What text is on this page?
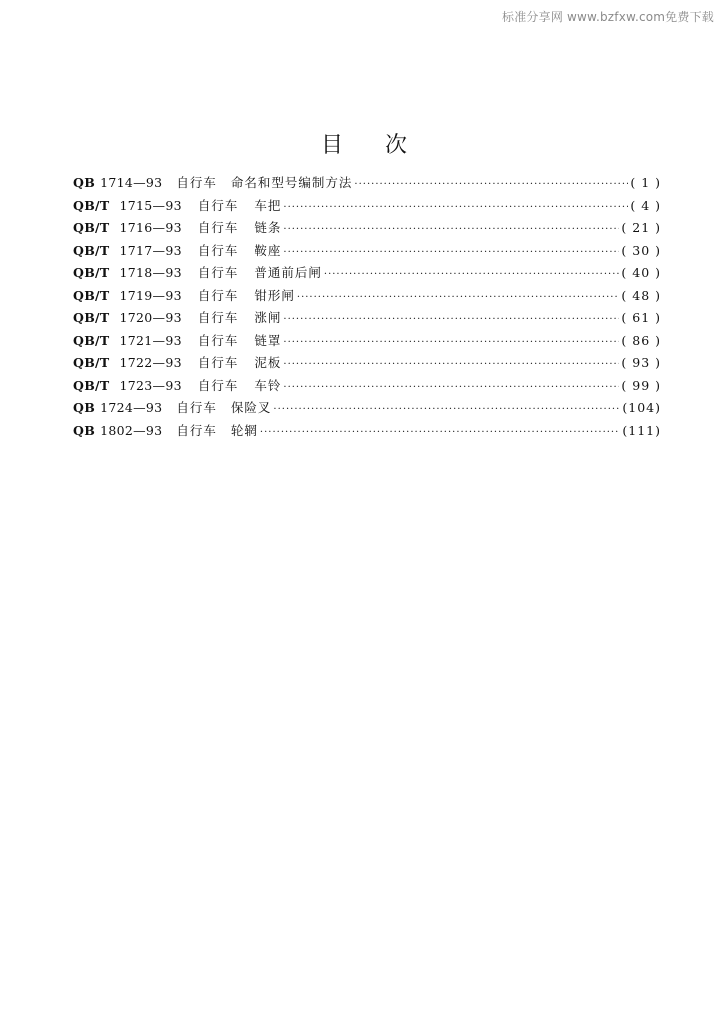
标准分享网 www.bzfxw.com免费下载
目次
QB 1714—93 自行车 命名和型号编制方法 ·····	( 1 )
QB/T 1715—93 自行车 车把 ·····	( 4 )
QB/T 1716—93 自行车 链条 ·····	( 21 )
QB/T 1717—93 自行车 鞍座 ·····	( 30 )
QB/T 1718—93 自行车 普通前后闸 ·····	( 40 )
QB/T 1719—93 自行车 钳形闸 ·····	( 48 )
QB/T 1720—93 自行车 涨闸 ·····	( 61 )
QB/T 1721—93 自行车 链罩 ·····	( 86 )
QB/T 1722—93 自行车 泥板 ·····	( 93 )
QB/T 1723—93 自行车 车铃 ·····	( 99 )
QB 1724—93 自行车 保险叉 ·····	(104)
QB 1802—93 自行车 轮辋 ·····	(111)
